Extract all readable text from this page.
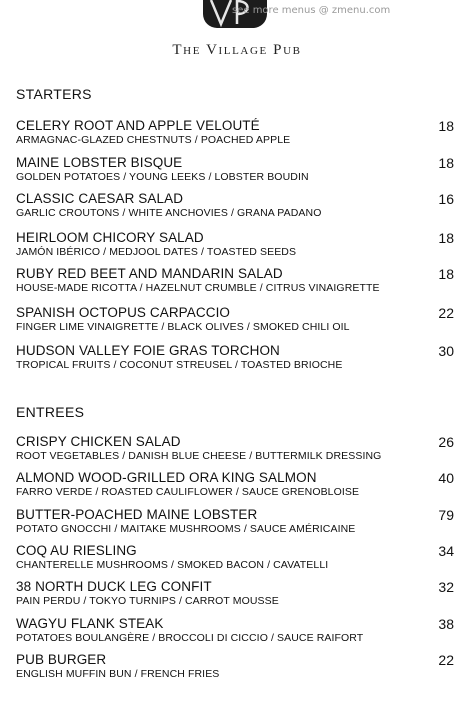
see more menus @ zmenu.com
The Village Pub
STARTERS
CELERY ROOT AND APPLE VELOUTÉ
ARMAGNAC-GLAZED CHESTNUTS / POACHED APPLE
18
MAINE LOBSTER BISQUE
GOLDEN POTATOES / YOUNG LEEKS / LOBSTER BOUDIN
18
CLASSIC CAESAR SALAD
GARLIC CROUTONS / WHITE ANCHOVIES / GRANA PADANO
16
HEIRLOOM CHICORY SALAD
JAMÓN IBÉRICO / MEDJOOL DATES / TOASTED SEEDS
18
RUBY RED BEET AND MANDARIN SALAD
HOUSE-MADE RICOTTA / HAZELNUT CRUMBLE / CITRUS VINAIGRETTE
18
SPANISH OCTOPUS CARPACCIO
FINGER LIME VINAIGRETTE / BLACK OLIVES / SMOKED CHILI OIL
22
HUDSON VALLEY FOIE GRAS TORCHON
TROPICAL FRUITS / COCONUT STREUSEL / TOASTED BRIOCHE
30
ENTREES
CRISPY CHICKEN SALAD
ROOT VEGETABLES / DANISH BLUE CHEESE / BUTTERMILK DRESSING
26
ALMOND WOOD-GRILLED ORA KING SALMON
FARRO VERDE / ROASTED CAULIFLOWER / SAUCE GRENOBLOISE
40
BUTTER-POACHED MAINE LOBSTER
POTATO GNOCCHI / MAITAKE MUSHROOMS / SAUCE AMÉRICAINE
79
COQ AU RIESLING
CHANTERELLE MUSHROOMS / SMOKED BACON / CAVATELLI
34
38 NORTH DUCK LEG CONFIT
PAIN PERDU / TOKYO TURNIPS / CARROT MOUSSE
32
WAGYU FLANK STEAK
POTATOES BOULANGÈRE / BROCCOLI DI CICCIO / SAUCE RAIFORT
38
PUB BURGER
ENGLISH MUFFIN BUN / FRENCH FRIES
22
